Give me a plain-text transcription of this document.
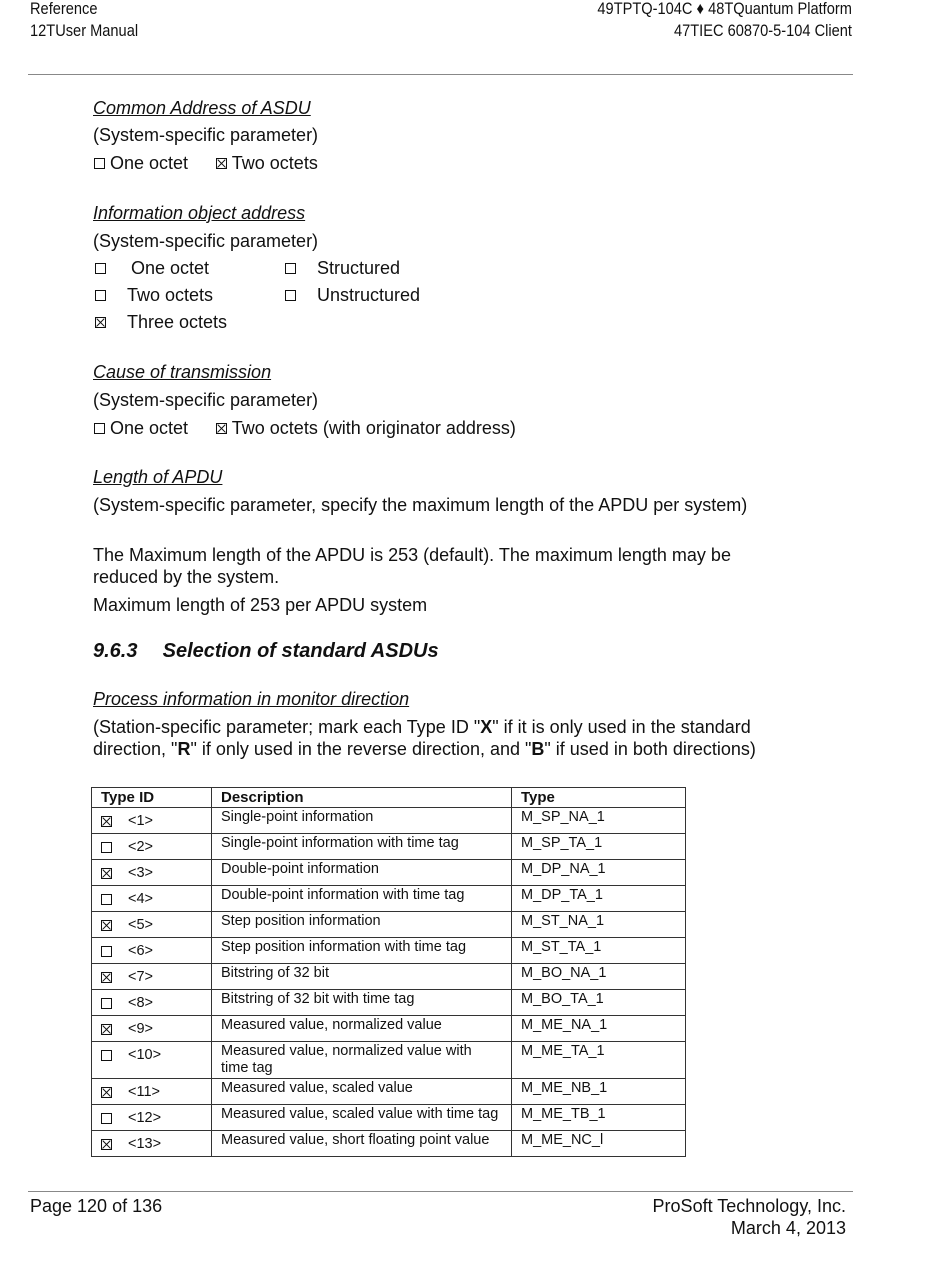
Reference
12TUser Manual
49TPTQ-104C ♦ 48TQuantum Platform
47TIEC 60870-5-104 Client
Common Address of ASDU
(System-specific parameter)
One octet Two octets
Information object address
(System-specific parameter)
One octet
Two octets
Three octets
Structured
Unstructured
Cause of transmission
(System-specific parameter)
One octet Two octets (with originator address)
Length of APDU
(System-specific parameter, specify the maximum length of the APDU per system)
The Maximum length of the APDU is 253 (default). The maximum length may be reduced by the system.
Maximum length of 253 per APDU system
9.6.3 Selection of standard ASDUs
Process information in monitor direction
(Station-specific parameter; mark each Type ID "X" if it is only used in the standard direction, "R" if only used in the reverse direction, and "B" if used in both directions)
Type ID	Description	Type

<1>	Single-point information	M_SP_NA_1

<2>	Single-point information with time tag	M_SP_TA_1

<3>	Double-point information	M_DP_NA_1

<4>	Double-point information with time tag	M_DP_TA_1

<5>	Step position information	M_ST_NA_1

<6>	Step position information with time tag	M_ST_TA_1

<7>	Bitstring of 32 bit	M_BO_NA_1

<8>	Bitstring of 32 bit with time tag	M_BO_TA_1

<9>	Measured value, normalized value	M_ME_NA_1

<10>	Measured value, normalized value with time tag	M_ME_TA_1

<11>	Measured value, scaled value	M_ME_NB_1

<12>	Measured value, scaled value with time tag	M_ME_TB_1

<13>	Measured value, short floating point value	M_ME_NC_l
Page 120 of 136	ProSoft Technology, Inc.
March 4, 2013
